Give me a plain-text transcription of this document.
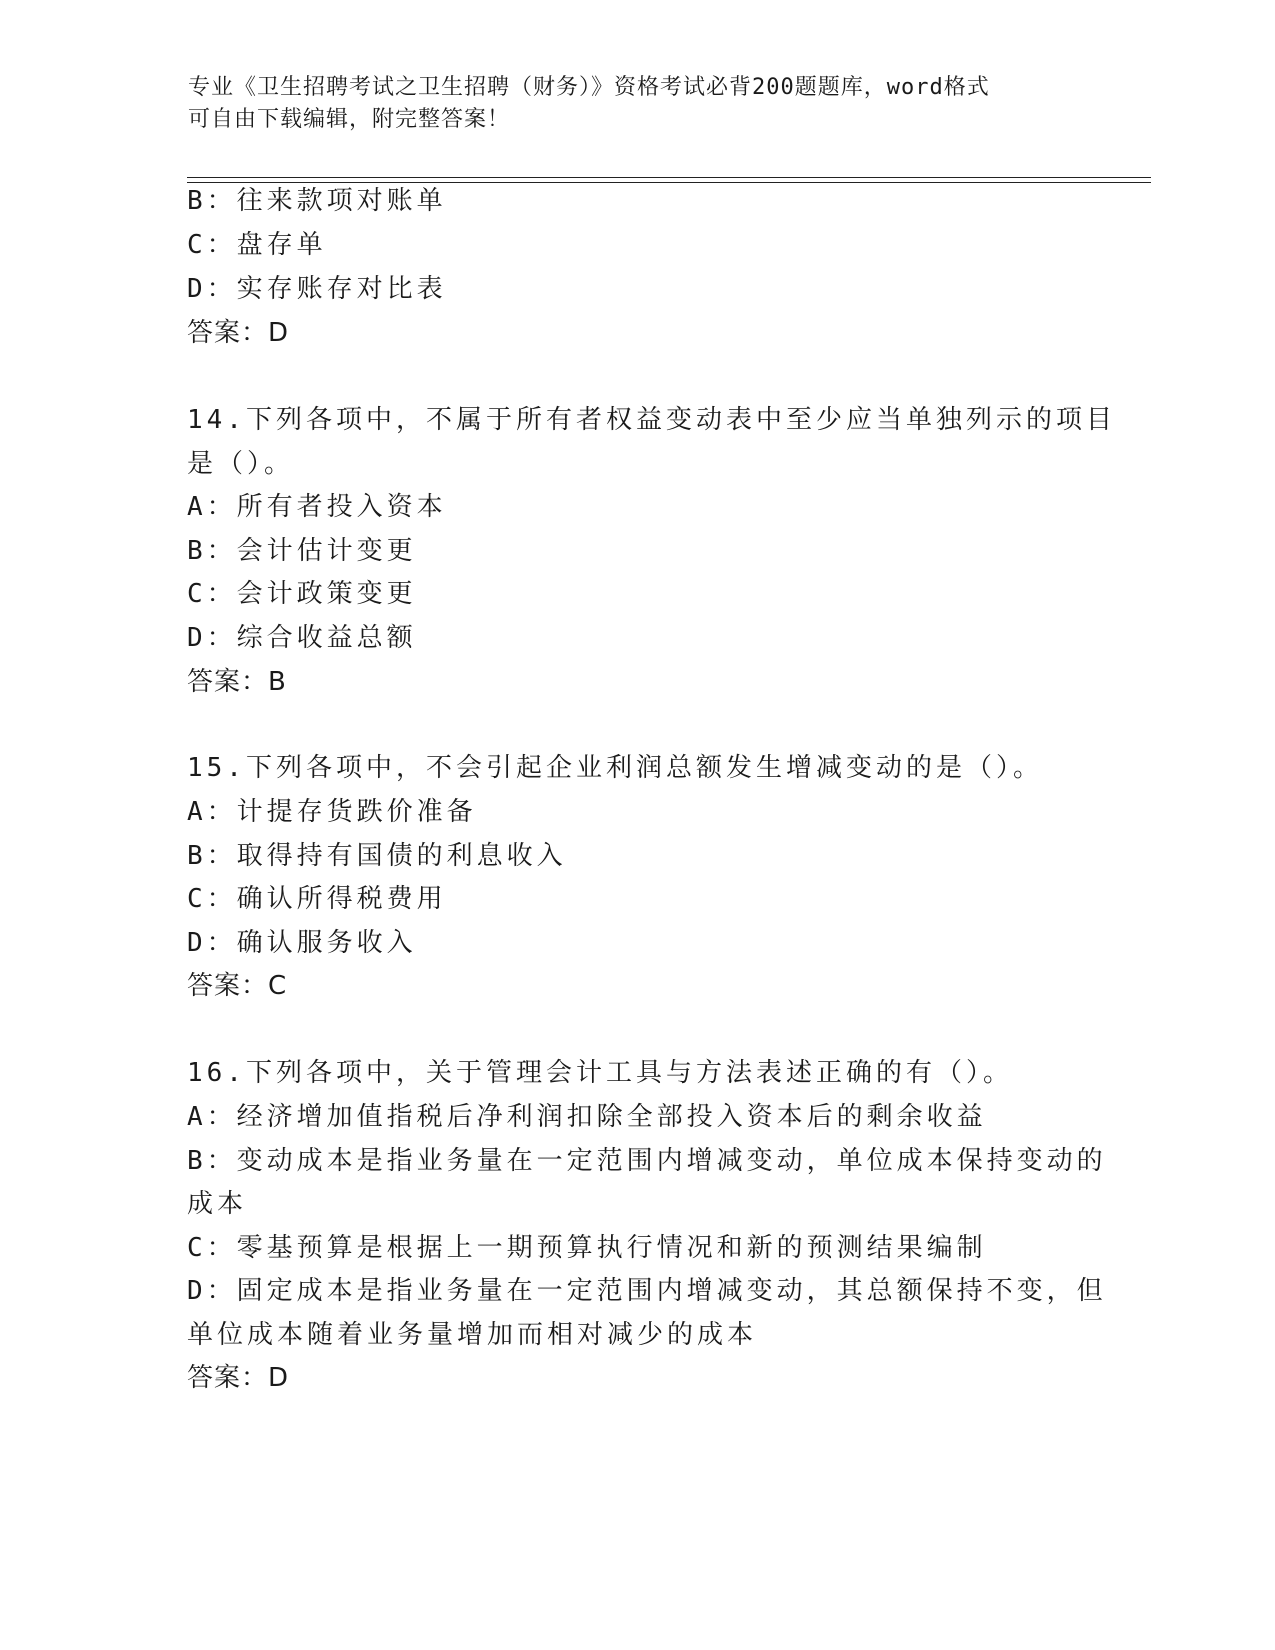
专业《卫生招聘考试之卫生招聘（财务）》资格考试必背200题题库，word格式
可自由下载编辑，附完整答案！
B：往来款项对账单
C：盘存单
D：实存账存对比表
答案：D
14.下列各项中，不属于所有者权益变动表中至少应当单独列示的项目
是（）。
A：所有者投入资本
B：会计估计变更
C：会计政策变更
D：综合收益总额
答案：B
15.下列各项中，不会引起企业利润总额发生增减变动的是（）。
A：计提存货跌价准备
B：取得持有国债的利息收入
C：确认所得税费用
D：确认服务收入
答案：C
16.下列各项中，关于管理会计工具与方法表述正确的有（）。
A：经济增加值指税后净利润扣除全部投入资本后的剩余收益
B：变动成本是指业务量在一定范围内增减变动，单位成本保持变动的
成本
C：零基预算是根据上一期预算执行情况和新的预测结果编制
D：固定成本是指业务量在一定范围内增减变动，其总额保持不变，但
单位成本随着业务量增加而相对减少的成本
答案：D
